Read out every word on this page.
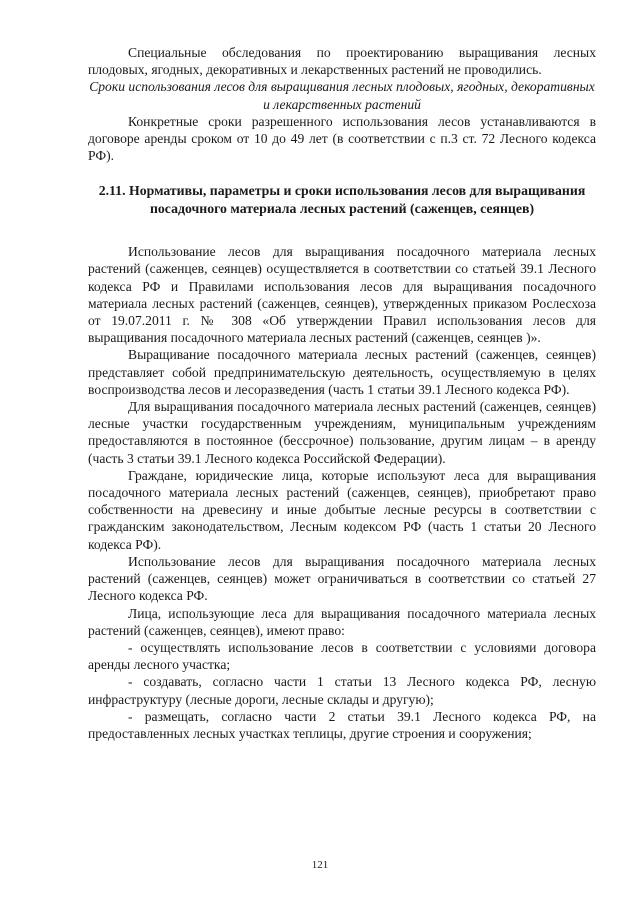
Специальные обследования по проектированию выращивания лесных плодовых, ягодных, декоративных и лекарственных растений не проводились.

Сроки использования лесов для выращивания лесных плодовых, ягодных, декоративных и лекарственных растений

Конкретные сроки разрешенного использования лесов устанавливаются в договоре аренды сроком от 10 до 49 лет (в соответствии с п.3 ст. 72 Лесного кодекса РФ).

2.11. Нормативы, параметры и сроки использования лесов для выращивания посадочного материала лесных растений (саженцев, сеянцев)

Использование лесов для выращивания посадочного материала лесных растений (саженцев, сеянцев) осуществляется в соответствии со статьей 39.1 Лесного кодекса РФ и Правилами использования лесов для выращивания посадочного материала лесных растений (саженцев, сеянцев), утвержденных приказом Рослесхоза от 19.07.2011 г. № 308 «Об утверждении Правил использования лесов для выращивания посадочного материала лесных растений (саженцев, сеянцев )».

Выращивание посадочного материала лесных растений (саженцев, сеянцев) представляет собой предпринимательскую деятельность, осуществляемую в целях воспроизводства лесов и лесоразведения (часть 1 статьи 39.1 Лесного кодекса РФ).

Для выращивания посадочного материала лесных растений (саженцев, сеянцев) лесные участки государственным учреждениям, муниципальным учреждениям предоставляются в постоянное (бессрочное) пользование, другим лицам – в аренду (часть 3 статьи 39.1 Лесного кодекса Российской Федерации).

Граждане, юридические лица, которые используют леса для выращивания посадочного материала лесных растений (саженцев, сеянцев), приобретают право собственности на древесину и иные добытые лесные ресурсы в соответствии с гражданским законодательством, Лесным кодексом РФ (часть 1 статьи 20 Лесного кодекса РФ).

Использование лесов для выращивания посадочного материала лесных растений (саженцев, сеянцев) может ограничиваться в соответствии со статьей 27 Лесного кодекса РФ.

Лица, использующие леса для выращивания посадочного материала лесных растений (саженцев, сеянцев), имеют право:

- осуществлять использование лесов в соответствии с условиями договора аренды лесного участка;

- создавать, согласно части 1 статьи 13 Лесного кодекса РФ, лесную инфраструктуру (лесные дороги, лесные склады и другую);

- размещать, согласно части 2 статьи 39.1 Лесного кодекса РФ, на предоставленных лесных участках теплицы, другие строения и сооружения;

121
